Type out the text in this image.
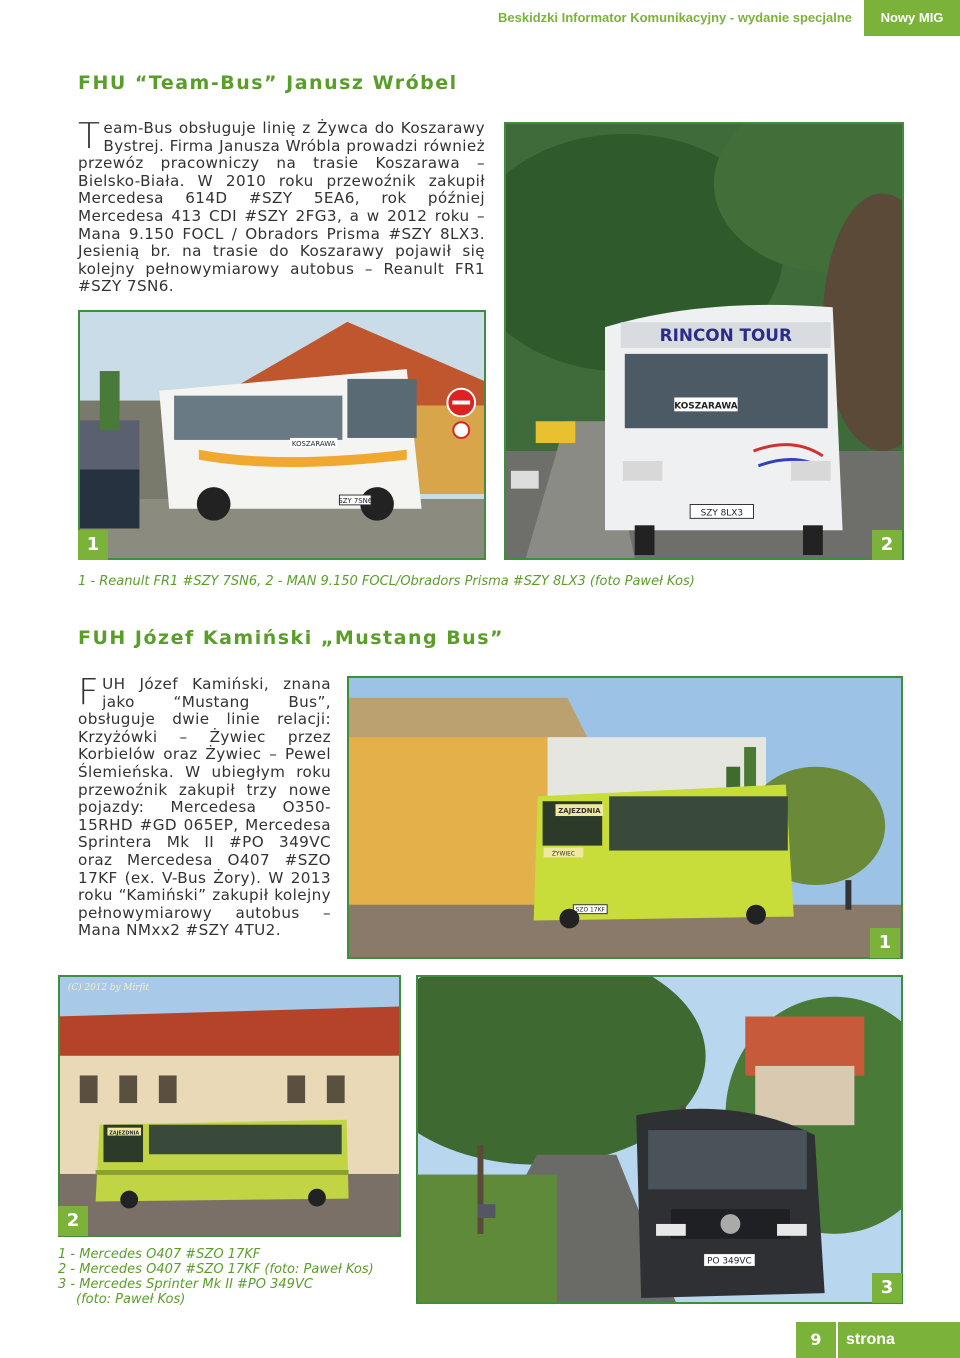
Beskidzki Informator Komunikacyjny - wydanie specjalne	Nowy MIG
FHU “Team-Bus” Janusz Wróbel
Team-Bus obsługuje linię z Żywca do Koszarawy Bystrej. Firma Janusza Wróbla prowadzi również przewóz pracowniczy na trasie Koszarawa – Bielsko-Biała. W 2010 roku przewoźnik zakupił Mercedesa 614D #SZY 5EA6, rok później Mercedesa 413 CDI #SZY 2FG3, a w 2012 roku – Mana 9.150 FOCL / Obradors Prisma #SZY 8LX3. Jesienią br. na trasie do Koszarawy pojawił się kolejny pełnowymiarowy autobus – Reanult FR1 #SZY 7SN6.
SZY 7SN6
KOSZARAWA
1
RINCON TOUR
KOSZARAWA
SZY 8LX3
2
1 - Reanult FR1 #SZY 7SN6, 2 - MAN 9.150 FOCL/Obradors Prisma #SZY 8LX3 (foto Paweł Kos)
FUH Józef Kamiński „Mustang Bus”
FUH Józef Kamiński, znana jako “Mustang Bus”, obsługuje dwie linie relacji: Krzyżówki – Żywiec przez Korbielów oraz Żywiec – Pewel Ślemieńska. W ubiegłym roku przewoźnik zakupił trzy nowe pojazdy: Mercedesa O350-15RHD #GD 065EP, Mercedesa Sprintera Mk II #PO 349VC oraz Mercedesa O407 #SZO 17KF (ex. V-Bus Żory). W 2013 roku “Kamiński” zakupił kolejny pełnowymiarowy autobus – Mana NMxx2 #SZY 4TU2.
ZAJEZDNIA
ŻYWIEC
SZO 17KF
1
ZAJEZDNIA
(C) 2012 by Mirfit
2
PO 349VC
3
1 - Mercedes O407 #SZO 17KF
2 - Mercedes O407 #SZO 17KF (foto: Paweł Kos)
3 - Mercedes Sprinter Mk II #PO 349VC
(foto: Paweł Kos)
9	strona
